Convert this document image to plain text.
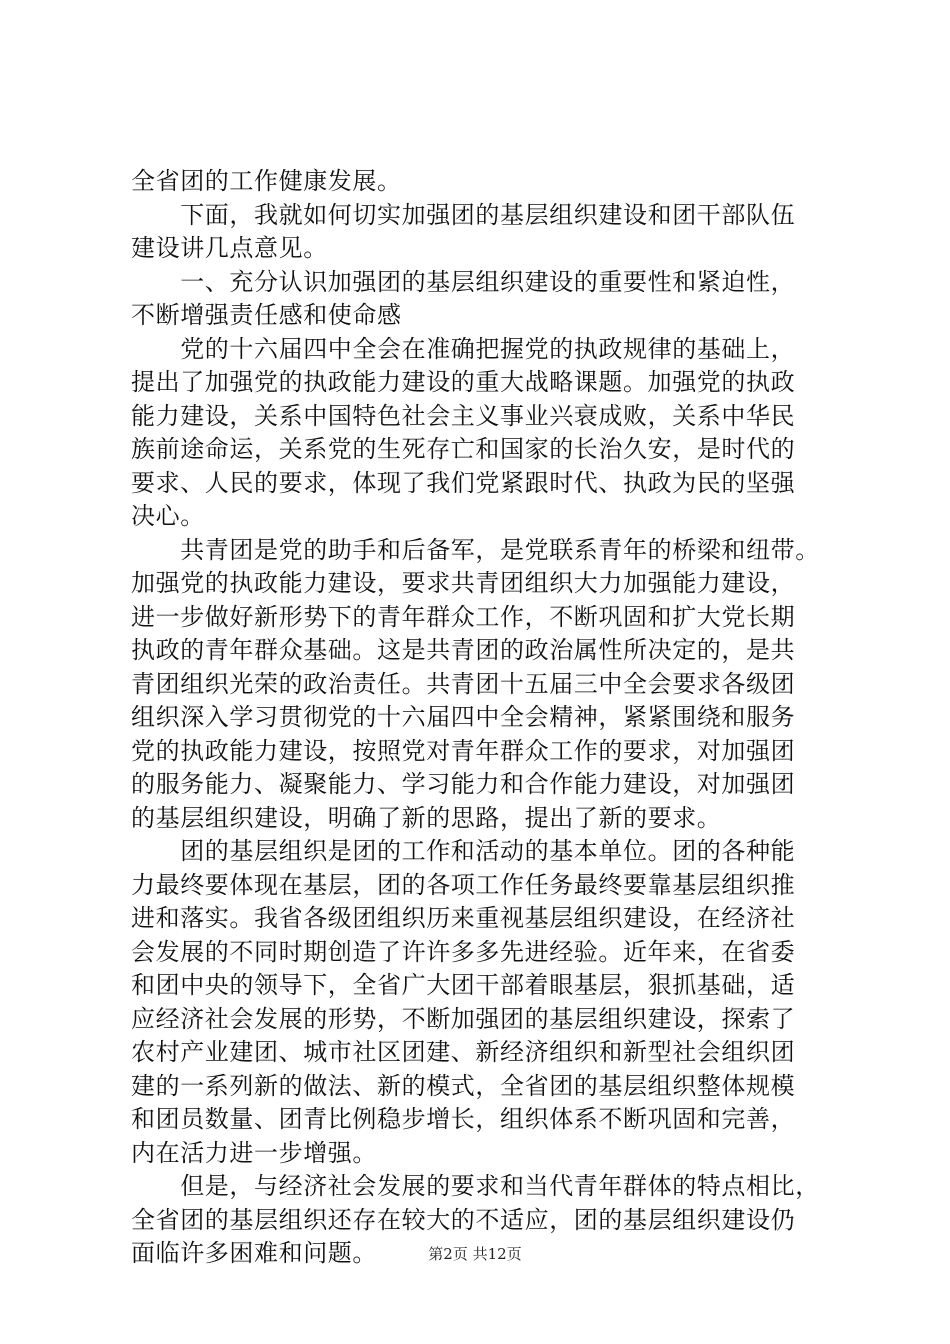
全省团的工作健康发展。
　　下面，我就如何切实加强团的基层组织建设和团干部队伍
建设讲几点意见。
　　一、充分认识加强团的基层组织建设的重要性和紧迫性，
不断增强责任感和使命感
　　党的十六届四中全会在准确把握党的执政规律的基础上，
提出了加强党的执政能力建设的重大战略课题。加强党的执政
能力建设，关系中国特色社会主义事业兴衰成败，关系中华民
族前途命运，关系党的生死存亡和国家的长治久安，是时代的
要求、人民的要求，体现了我们党紧跟时代、执政为民的坚强
决心。
　　共青团是党的助手和后备军，是党联系青年的桥梁和纽带。
加强党的执政能力建设，要求共青团组织大力加强能力建设，
进一步做好新形势下的青年群众工作，不断巩固和扩大党长期
执政的青年群众基础。这是共青团的政治属性所决定的，是共
青团组织光荣的政治责任。共青团十五届三中全会要求各级团
组织深入学习贯彻党的十六届四中全会精神，紧紧围绕和服务
党的执政能力建设，按照党对青年群众工作的要求，对加强团
的服务能力、凝聚能力、学习能力和合作能力建设，对加强团
的基层组织建设，明确了新的思路，提出了新的要求。
　　团的基层组织是团的工作和活动的基本单位。团的各种能
力最终要体现在基层，团的各项工作任务最终要靠基层组织推
进和落实。我省各级团组织历来重视基层组织建设，在经济社
会发展的不同时期创造了许许多多先进经验。近年来，在省委
和团中央的领导下，全省广大团干部着眼基层，狠抓基础，适
应经济社会发展的形势，不断加强团的基层组织建设，探索了
农村产业建团、城市社区团建、新经济组织和新型社会组织团
建的一系列新的做法、新的模式，全省团的基层组织整体规模
和团员数量、团青比例稳步增长，组织体系不断巩固和完善，
内在活力进一步增强。
　　但是，与经济社会发展的要求和当代青年群体的特点相比，
全省团的基层组织还存在较大的不适应，团的基层组织建设仍
面临许多困难和问题。	第2页 共12页
